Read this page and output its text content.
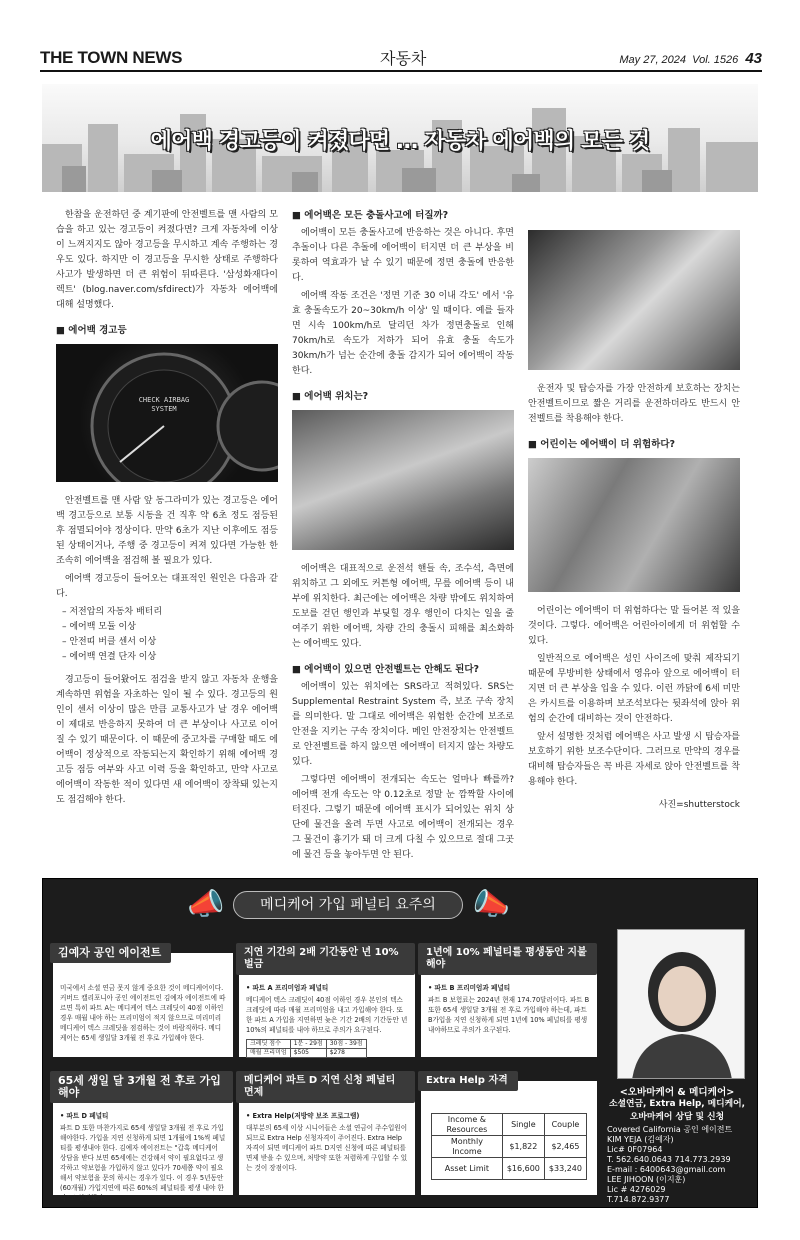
THE TOWN NEWS	자동차	May 27, 2024 Vol. 1526 43
에어백 경고등이 켜졌다면 … 자동차 에어백의 모든 것

한참을 운전하던 중 계기판에 안전벨트를 맨 사람의 모습을 하고 있는 경고등이 켜졌다면? 크게 자동차에 이상이 느껴지지도 않아 경고등을 무시하고 계속 주행하는 경우도 있다. 하지만 이 경고등을 무시한 상태로 주행하다 사고가 발생하면 더 큰 위험이 뒤따른다. '삼성화재다이렉트' (blog.naver.com/sfdirect)가 자동차 에어백에 대해 설명했다.

■ 에어백 경고등
CHECK AIRBAG SYSTEM

안전벨트를 맨 사람 앞 동그라미가 있는 경고등은 에어백 경고등으로 보통 시동을 건 직후 약 6초 정도 점등된 후 점멸되어야 정상이다. 만약 6초가 지난 이후에도 점등된 상태이거나, 주행 중 경고등이 켜져 있다면 가능한 한 조속히 에어백을 점검해 볼 필요가 있다.

에어백 경고등이 들어오는 대표적인 원인은 다음과 같다.

– 저전압의 자동차 배터리
– 에어백 모듈 이상
– 안전띠 버클 센서 이상
– 에어백 연결 단자 이상

경고등이 들어왔어도 점검을 받지 않고 자동차 운행을 계속하면 위험을 자초하는 일이 될 수 있다. 경고등의 원인이 센서 이상이 많은 만큼 교통사고가 날 경우 에어백이 제대로 반응하지 못하여 더 큰 부상이나 사고로 이어질 수 있기 때문이다. 이 때문에 중고차를 구매할 때도 에어백이 정상적으로 작동되는지 확인하기 위해 에어백 경고등 점등 여부와 사고 이력 등을 확인하고, 만약 사고로 에어백이 작동한 적이 있다면 새 에어백이 장착돼 있는지도 점검해야 한다.

■ 에어백은 모든 충돌사고에 터질까?

에어백이 모든 충돌사고에 반응하는 것은 아니다. 후면 추돌이나 다른 추돌에 에어백이 터지면 더 큰 부상을 비롯하여 역효과가 날 수 있기 때문에 정면 충돌에 반응한다.

에어백 작동 조건은 '정면 기준 30 이내 각도' 에서 '유효 충돌속도가 20~30km/h 이상' 일 때이다. 예를 들자면 시속 100km/h로 달리던 차가 정면충돌로 인해 70km/h로 속도가 저하가 되어 유효 충돌 속도가 30km/h가 넘는 순간에 충돌 감지가 되어 에어백이 작동한다.

■ 에어백 위치는?

에어백은 대표적으로 운전석 핸들 속, 조수석, 측면에 위치하고 그 외에도 커튼형 에어백, 무릎 에어백 등이 내부에 위치한다. 최근에는 에어백은 차량 밖에도 위치하여 도보를 걷던 행인과 부딪힐 경우 행인이 다치는 일을 줄여주기 위한 에어백, 차량 간의 충돌시 피해를 최소화하는 에어백도 있다.

■ 에어백이 있으면 안전벨트는 안해도 된다?

에어백이 있는 위치에는 SRS라고 적혀있다. SRS는 Supplemental Restraint System 즉, 보조 구속 장치를 의미한다. 말 그대로 에어백은 위험한 순간에 보조로 안전을 지키는 구속 장치이다. 메인 안전장치는 안전벨트로 안전벨트를 하지 않으면 에어백이 터지지 않는 차량도 있다.

그렇다면 에어백이 전개되는 속도는 얼마나 빠를까? 에어백 전개 속도는 약 0.12초로 정말 눈 깜짝할 사이에 터진다. 그렇기 때문에 에어백 표시가 되어있는 위치 상단에 물건을 올려 두면 사고로 에어백이 전개되는 경우 그 물건이 흉기가 돼 더 크게 다칠 수 있으므로 절대 그곳에 물건 등을 놓아두면 안 된다.

운전자 및 탑승자를 가장 안전하게 보호하는 장치는 안전벨트이므로 짧은 거리를 운전하더라도 반드시 안전벨트를 착용해야 한다.

■ 어린이는 에어백이 더 위험하다?

어린이는 에어백이 더 위험하다는 말 들어본 적 있을 것이다. 그렇다. 에어백은 어린아이에게 더 위험할 수 있다.

일반적으로 에어백은 성인 사이즈에 맞춰 제작되기 때문에 무방비한 상태에서 영유아 앞으로 에어백이 터지면 더 큰 부상을 입을 수 있다. 이런 까닭에 6세 미만은 카시트를 이용하며 보조석보다는 뒷좌석에 앉아 위험의 순간에 대비하는 것이 안전하다.

앞서 설명한 것처럼 에어백은 사고 발생 시 탑승자를 보호하기 위한 보조수단이다. 그러므로 만약의 경우를 대비해 탑승자들은 꼭 바른 자세로 앉아 안전벨트를 착용해야 한다.

사진=shutterstock
📣	메디케어 가입 페널티 요주의	📣
김예자 공인 에이전트
미국에서 소셜 연금 못지 않게 중요한 것이 메디케어이다. 커버드 캘리포니아 공인 에이전트인 김예자 에이전트에 따르면 특히 파트 A는 메디케어 텍스 크레딧이 40점 이하인 경우 매월 내야 하는 프리미엄이 적지 않으므로 미리미리 메디케어 텍스 크레딧을 점검하는 것이 바람직하다. 메디케어는 65세 생일달 3개월 전 후로 가입해야 한다.
지연 기간의 2배 기간동안 년 10% 벌금
• 파트 A 프리미엄과 페널티
메디케어 텍스 크레딧이 40점 이하인 경우 본인의 텍스 크레딧에 따라 매월 프리미엄을 내고 가입해야 한다. 또한 파트 A 가입을 지연하면 늦은 기간 2배의 기간동안 년 10%의 페널티를 내야 하므로 주의가 요구된다.
크레딧 점수	1분 - 29점	30점 - 39점
매월 프리미엄	$505	$278
1년에 10% 페널티를 평생동안 지불해야
• 파트 B 프리미엄과 페널티
파트 B 보험료는 2024년 현재 174.70달러이다. 파트 B 또한 65세 생일달 3개월 전 후로 가입해야 하는데, 파트B가입을 지연 신청하게 되면 1년에 10% 페널티를 평생 내야하므로 주의가 요구된다.
65세 생일 달 3개월 전 후로 가입해야
• 파트 D 페널티
파트 D 또한 마찬가지로 65세 생일달 3개월 전 후로 가입해야한다. 가입을 지연 신청하게 되면 1개월에 1%씩 페널티를 평생내야 한다. 김예자 에이전트는 "갑혹 메디케어 상담을 받다 보면 65세에는 건강해서 약이 필요없다고 생각하고 약보험을 가입하지 않고 있다가 70세쯤 약이 필요해서 약보험을 문의 하시는 경우가 있다. 이 경우 5년동안(60개월) 가입지연에 따른 60%의 페널티를 평생 내야 한다"고 설명했다.
메디케어 파트 D 지연 신청 페널티 면제
• Extra Help(저방약 보조 프로그램)
대부분의 65세 이상 시니어들은 소셜 연금이 주수입원이 되므로 Extra Help 신청자격이 주어진다. Extra Help 자격이 되면 메디케어 파트 D지연 신청에 따른 페널티를 면제 받을 수 있으며, 처방약 또한 저렴하게 구입할 수 있는 것이 장점이다.
Extra Help 자격
Income & Resources	Single	Couple
Monthly Income	$1,822	$2,465
Asset Limit	$16,600	$33,240
<오바마케어 & 메디케어>
소셜연금, Extra Help, 메디케어,
오바마케어 상담 및 신청
Covered California 공인 에이전트
KIM YEJA (김예자)
Lic# 0F07964
T. 562.640.0643 714.773.2939
E-mail : 6400643@gmail.com
LEE JIHOON (이지훈)
Lic # 4276029
T.714.872.9377
